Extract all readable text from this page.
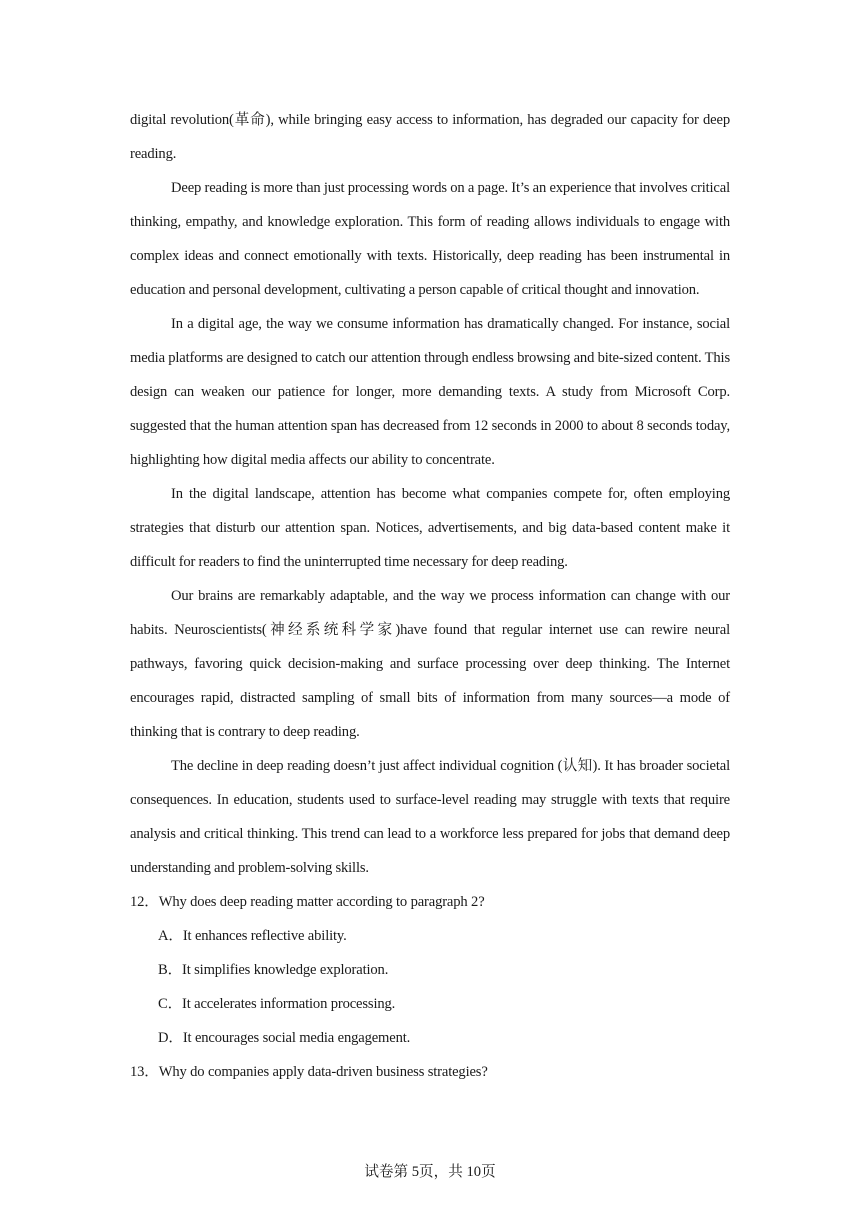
digital revolution(革命), while bringing easy access to information, has degraded our capacity for deep reading.

Deep reading is more than just processing words on a page. It’s an experience that involves critical thinking, empathy, and knowledge exploration. This form of reading allows individuals to engage with complex ideas and connect emotionally with texts. Historically, deep reading has been instrumental in education and personal development, cultivating a person capable of critical thought and innovation.

In a digital age, the way we consume information has dramatically changed. For instance, social media platforms are designed to catch our attention through endless browsing and bite-sized content. This design can weaken our patience for longer, more demanding texts. A study from Microsoft Corp. suggested that the human attention span has decreased from 12 seconds in 2000 to about 8 seconds today, highlighting how digital media affects our ability to concentrate.

In the digital landscape, attention has become what companies compete for, often employing strategies that disturb our attention span. Notices, advertisements, and big data-based content make it difficult for readers to find the uninterrupted time necessary for deep reading.

Our brains are remarkably adaptable, and the way we process information can change with our habits. Neuroscientists(神经系统科学家)have found that regular internet use can rewire neural pathways, favoring quick decision-making and surface processing over deep thinking. The Internet encourages rapid, distracted sampling of small bits of information from many sources—a mode of thinking that is contrary to deep reading.

The decline in deep reading doesn’t just affect individual cognition (认知). It has broader societal consequences. In education, students used to surface-level reading may struggle with texts that require analysis and critical thinking. This trend can lead to a workforce less prepared for jobs that demand deep understanding and problem-solving skills.

12．Why does deep reading matter according to paragraph 2?

A．It enhances reflective ability.

B．It simplifies knowledge exploration.

C．It accelerates information processing.

D．It encourages social media engagement.

13．Why do companies apply data-driven business strategies?

试卷第 5页，共 10页
